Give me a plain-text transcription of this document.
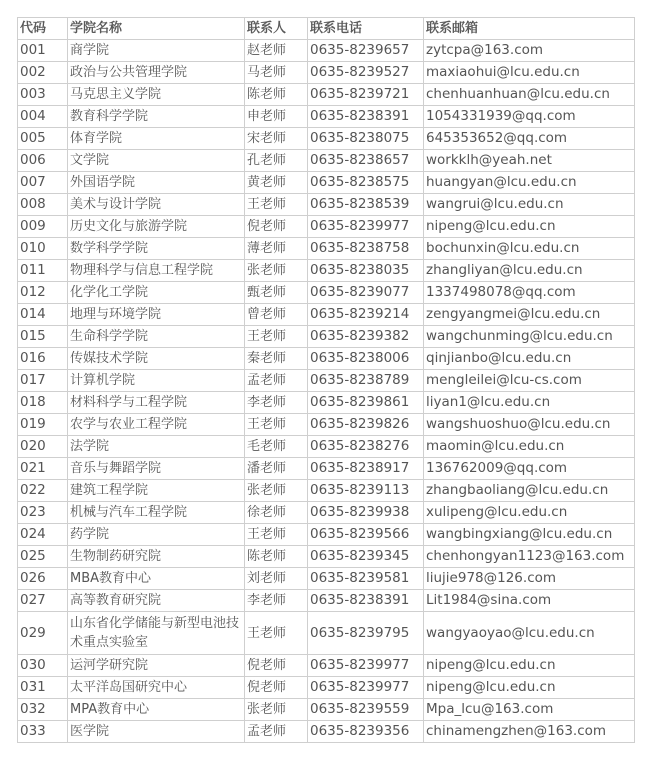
代码	学院名称	联系人	联系电话	联系邮箱
001	商学院	赵老师	0635-8239657	zytcpa@163.com
002	政治与公共管理学院	马老师	0635-8239527	maxiaohui@lcu.edu.cn
003	马克思主义学院	陈老师	0635-8239721	chenhuanhuan@lcu.edu.cn
004	教育科学学院	申老师	0635-8238391	1054331939@qq.com
005	体育学院	宋老师	0635-8238075	645353652@qq.com
006	文学院	孔老师	0635-8238657	workklh@yeah.net
007	外国语学院	黄老师	0635-8238575	huangyan@lcu.edu.cn
008	美术与设计学院	王老师	0635-8238539	wangrui@lcu.edu.cn
009	历史文化与旅游学院	倪老师	0635-8239977	nipeng@lcu.edu.cn
010	数学科学学院	薄老师	0635-8238758	bochunxin@lcu.edu.cn
011	物理科学与信息工程学院	张老师	0635-8238035	zhangliyan@lcu.edu.cn
012	化学化工学院	甄老师	0635-8239077	1337498078@qq.com
014	地理与环境学院	曾老师	0635-8239214	zengyangmei@lcu.edu.cn
015	生命科学学院	王老师	0635-8239382	wangchunming@lcu.edu.cn
016	传媒技术学院	秦老师	0635-8238006	qinjianbo@lcu.edu.cn
017	计算机学院	孟老师	0635-8238789	mengleilei@lcu-cs.com
018	材料科学与工程学院	李老师	0635-8239861	liyan1@lcu.edu.cn
019	农学与农业工程学院	王老师	0635-8239826	wangshuoshuo@lcu.edu.cn
020	法学院	毛老师	0635-8238276	maomin@lcu.edu.cn
021	音乐与舞蹈学院	潘老师	0635-8238917	136762009@qq.com
022	建筑工程学院	张老师	0635-8239113	zhangbaoliang@lcu.edu.cn
023	机械与汽车工程学院	徐老师	0635-8239938	xulipeng@lcu.edu.cn
024	药学院	王老师	0635-8239566	wangbingxiang@lcu.edu.cn
025	生物制药研究院	陈老师	0635-8239345	chenhongyan1123@163.com
026	MBA教育中心	刘老师	0635-8239581	liujie978@126.com
027	高等教育研究院	李老师	0635-8238391	Lit1984@sina.com
029	山东省化学储能与新型电池技术重点实验室	王老师	0635-8239795	wangyaoyao@lcu.edu.cn
030	运河学研究院	倪老师	0635-8239977	nipeng@lcu.edu.cn
031	太平洋岛国研究中心	倪老师	0635-8239977	nipeng@lcu.edu.cn
032	MPA教育中心	张老师	0635-8239559	Mpa_lcu@163.com
033	医学院	孟老师	0635-8239356	chinamengzhen@163.com
